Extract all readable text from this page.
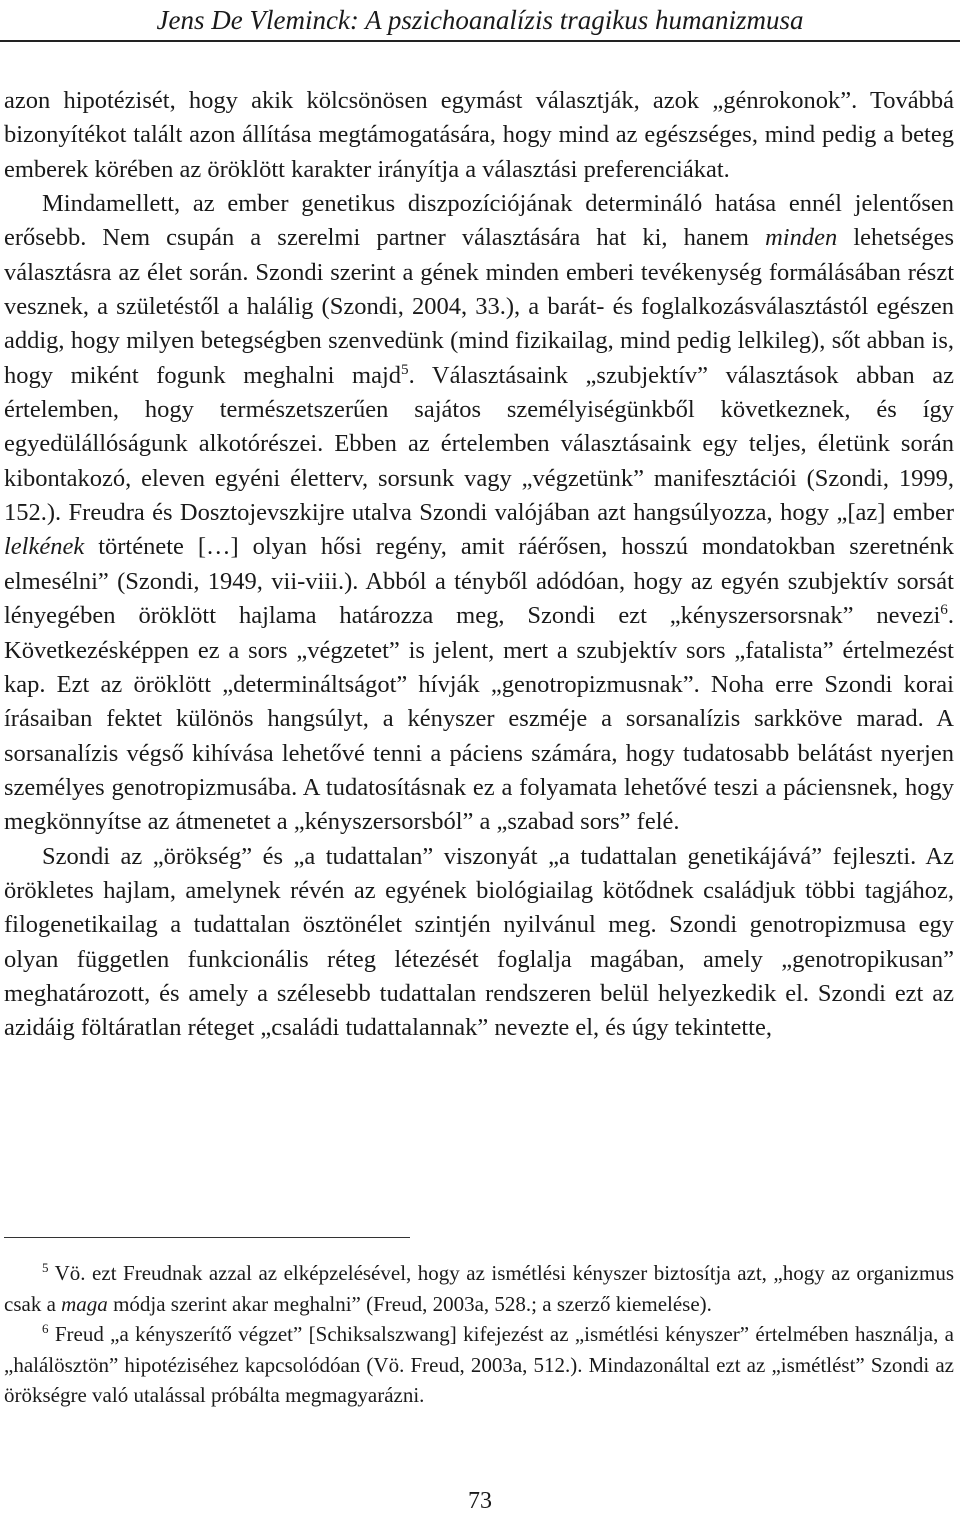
Jens De Vleminck: A pszichoanalízis tragikus humanizmusa

azon hipotézisét, hogy akik kölcsönösen egymást választják, azok „génrokonok”. Továbbá bizonyítékot talált azon állítása megtámogatására, hogy mind az egészséges, mind pedig a beteg emberek körében az öröklött karakter irányítja a választási preferenciákat.

Mindamellett, az ember genetikus diszpozíciójának determináló hatása ennél jelentősen erősebb. Nem csupán a szerelmi partner választására hat ki, hanem minden lehetséges választásra az élet során. Szondi szerint a gének minden emberi tevékenység formálásában részt vesznek, a születéstől a halálig (Szondi, 2004, 33.), a barát- és foglalkozásválasztástól egészen addig, hogy milyen betegségben szenvedünk (mind fizikailag, mind pedig lelkileg), sőt abban is, hogy miként fogunk meghalni majd$^5$. Választásaink „szubjektív” választások abban az értelemben, hogy természetszerűen sajátos személyiségünkből következnek, és így egyedülállóságunk alkotórészei. Ebben az értelemben választásaink egy teljes, életünk során kibontakozó, eleven egyéni életterv, sorsunk vagy „végzetünk” manifesztációi (Szondi, 1999, 152.). Freudra és Dosztojevszkijre utalva Szondi valójában azt hangsúlyozza, hogy „[az] ember lelkének története […] olyan hősi regény, amit ráérősen, hosszú mondatokban szeretnénk elmesélni” (Szondi, 1949, vii-viii.). Abból a tényből adódóan, hogy az egyén szubjektív sorsát lényegében öröklött hajlama határozza meg, Szondi ezt „kényszersorsnak” nevezi$^6$. Következésképpen ez a sors „végzetet” is jelent, mert a szubjektív sors „fatalista” értelmezést kap. Ezt az öröklött „determináltságot” hívják „genotropizmusnak”. Noha erre Szondi korai írásaiban fektet különös hangsúlyt, a kényszer eszméje a sorsanalízis sarkköve marad. A sorsanalízis végső kihívása lehetővé tenni a páciens számára, hogy tudatosabb belátást nyerjen személyes genotropizmusába. A tudatosításnak ez a folyamata lehetővé teszi a páciensnek, hogy megkönnyítse az átmenetet a „kényszersorsból” a „szabad sors” felé.

Szondi az „örökség” és „a tudattalan” viszonyát „a tudattalan genetikájává” fejleszti. Az örökletes hajlam, amelynek révén az egyének biológiailag kötődnek családjuk többi tagjához, filogenetikailag a tudattalan ösztönélet szintjén nyilvánul meg. Szondi genotropizmusa egy olyan független funkcionális réteg létezését foglalja magában, amely „genotropikusan” meghatározott, és amely a szélesebb tudattalan rendszeren belül helyezkedik el. Szondi ezt az azidáig föltáratlan réteget „családi tudattalannak” nevezte el, és úgy tekintette,

$^5$ Vö. ezt Freudnak azzal az elképzelésével, hogy az ismétlési kényszer biztosítja azt, „hogy az organizmus csak a maga módja szerint akar meghalni” (Freud, 2003a, 528.; a szerző kiemelése).

$^6$ Freud „a kényszerítő végzet” [Schiksalszwang] kifejezést az „ismétlési kényszer” értelmében használja, a „halálösztön” hipotéziséhez kapcsolódóan (Vö. Freud, 2003a, 512.). Mindazonáltal ezt az „ismétlést” Szondi az örökségre való utalással próbálta megmagyarázni.

73
